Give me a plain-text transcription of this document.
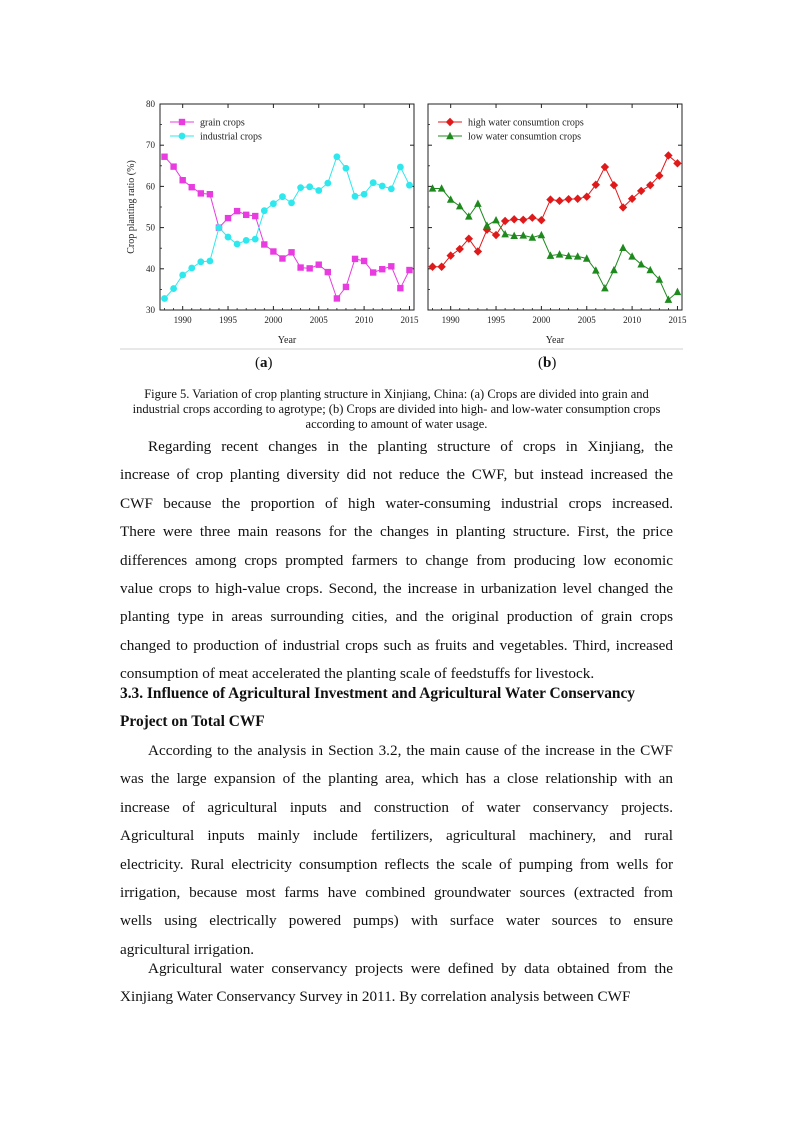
1990	1995	2000	2005	2010	2015
30
40
50
60
70
80
Year
Crop planting ratio (%)
grain crops
industrial crops
1990	1995	2000	2005	2010	2015
Year
high water consumtion crops
low water consumtion crops
(a)	(b)
Figure 5. Variation of crop planting structure in Xinjiang, China: (a) Crops are divided into grain and industrial crops according to agrotype; (b) Crops are divided into high- and low-water consumption crops according to amount of water usage.
Regarding recent changes in the planting structure of crops in Xinjiang, the
increase of crop planting diversity did not reduce the CWF, but instead increased the
CWF because the proportion of high water-consuming industrial crops increased.
There were three main reasons for the changes in planting structure. First, the price
differences among crops prompted farmers to change from producing low economic
value crops to high-value crops. Second, the increase in urbanization level changed the
planting type in areas surrounding cities, and the original production of grain crops
changed to production of industrial crops such as fruits and vegetables. Third, increased
consumption of meat accelerated the planting scale of feedstuffs for livestock.
3.3. Influence of Agricultural Investment and Agricultural Water Conservancy
Project on Total CWF
According to the analysis in Section 3.2, the main cause of the increase in the CWF
was the large expansion of the planting area, which has a close relationship with an
increase of agricultural inputs and construction of water conservancy projects.
Agricultural inputs mainly include fertilizers, agricultural machinery, and rural
electricity. Rural electricity consumption reflects the scale of pumping from wells for
irrigation, because most farms have combined groundwater sources (extracted from
wells using electrically powered pumps) with surface water sources to ensure
agricultural irrigation.
Agricultural water conservancy projects were defined by data obtained from the
Xinjiang Water Conservancy Survey in 2011. By correlation analysis between CWF
